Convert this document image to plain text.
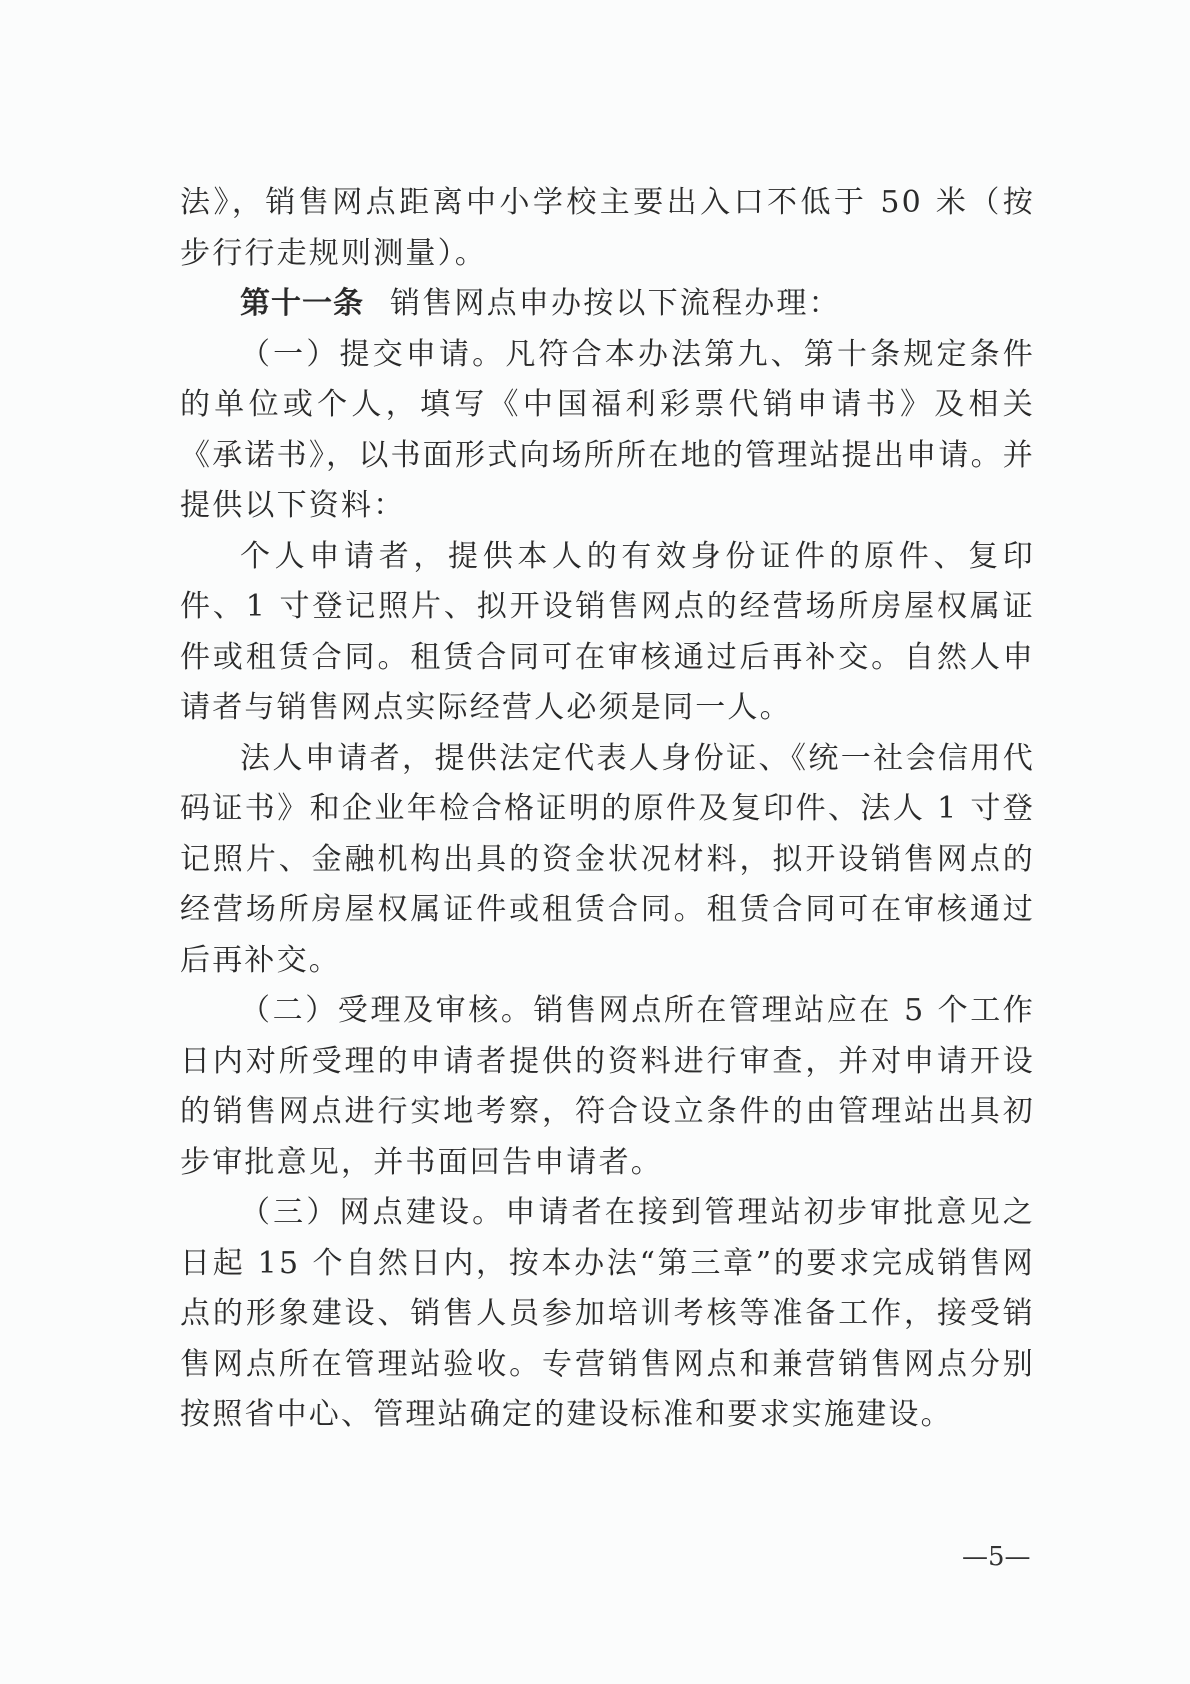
法》，销售网点距离中小学校主要出入口不低于 50 米（按步行行走规则测量）。

第十一条 销售网点申办按以下流程办理：

（一）提交申请。凡符合本办法第九、第十条规定条件的单位或个人，填写《中国福利彩票代销申请书》及相关《承诺书》，以书面形式向场所所在地的管理站提出申请。并提供以下资料：

个人申请者，提供本人的有效身份证件的原件、复印件、1 寸登记照片、拟开设销售网点的经营场所房屋权属证件或租赁合同。租赁合同可在审核通过后再补交。自然人申请者与销售网点实际经营人必须是同一人。

法人申请者，提供法定代表人身份证、《统一社会信用代码证书》和企业年检合格证明的原件及复印件、法人 1 寸登记照片、金融机构出具的资金状况材料，拟开设销售网点的经营场所房屋权属证件或租赁合同。租赁合同可在审核通过后再补交。

（二）受理及审核。销售网点所在管理站应在 5 个工作日内对所受理的申请者提供的资料进行审查，并对申请开设的销售网点进行实地考察，符合设立条件的由管理站出具初步审批意见，并书面回告申请者。

（三）网点建设。申请者在接到管理站初步审批意见之日起 15 个自然日内，按本办法“第三章”的要求完成销售网点的形象建设、销售人员参加培训考核等准备工作，接受销售网点所在管理站验收。专营销售网点和兼营销售网点分别按照省中心、管理站确定的建设标准和要求实施建设。

—5—
